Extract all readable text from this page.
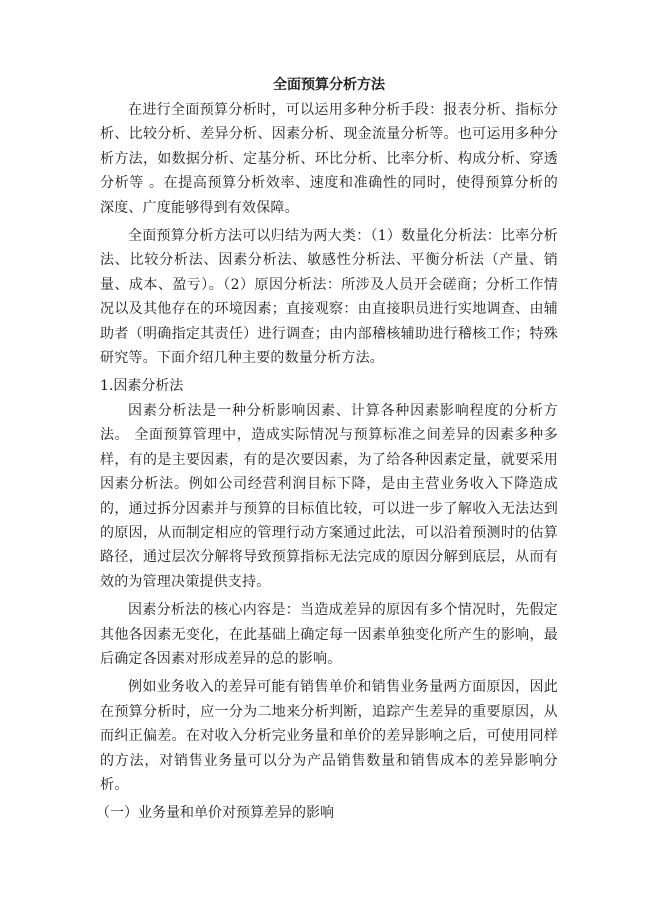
全面预算分析方法

在进行全面预算分析时，可以运用多种分析手段：报表分析、指标分析、比较分析、差异分析、因素分析、现金流量分析等。也可运用多种分析方法，如数据分析、定基分析、环比分析、比率分析、构成分析、穿透分析等 。在提高预算分析效率、速度和准确性的同时，使得预算分析的深度、广度能够得到有效保障。

全面预算分析方法可以归结为两大类：（1）数量化分析法：比率分析法、比较分析法、因素分析法、敏感性分析法、平衡分析法（产量、销量、成本、盈亏）。（2）原因分析法：所涉及人员开会磋商；分析工作情况以及其他存在的环境因素；直接观察：由直接职员进行实地调查、由辅助者（明确指定其责任）进行调查；由内部稽核辅助进行稽核工作；特殊研究等。下面介绍几种主要的数量分析方法。

1.因素分析法

因素分析法是一种分析影响因素、计算各种因素影响程度的分析方法。 全面预算管理中，造成实际情况与预算标准之间差异的因素多种多样，有的是主要因素，有的是次要因素，为了给各种因素定量，就要采用因素分析法。例如公司经营利润目标下降，是由主营业务收入下降造成的，通过拆分因素并与预算的目标值比较，可以进一步了解收入无法达到的原因，从而制定相应的管理行动方案通过此法，可以沿着预测时的估算路径，通过层次分解将导致预算指标无法完成的原因分解到底层，从而有效的为管理决策提供支持。

因素分析法的核心内容是：当造成差异的原因有多个情况时，先假定其他各因素无变化，在此基础上确定每一因素单独变化所产生的影响，最后确定各因素对形成差异的总的影响。

例如业务收入的差异可能有销售单价和销售业务量两方面原因，因此在预算分析时，应一分为二地来分析判断，追踪产生差异的重要原因，从而纠正偏差。在对收入分析完业务量和单价的差异影响之后，可使用同样的方法，对销售业务量可以分为产品销售数量和销售成本的差异影响分析。

（一）业务量和单价对预算差异的影响
